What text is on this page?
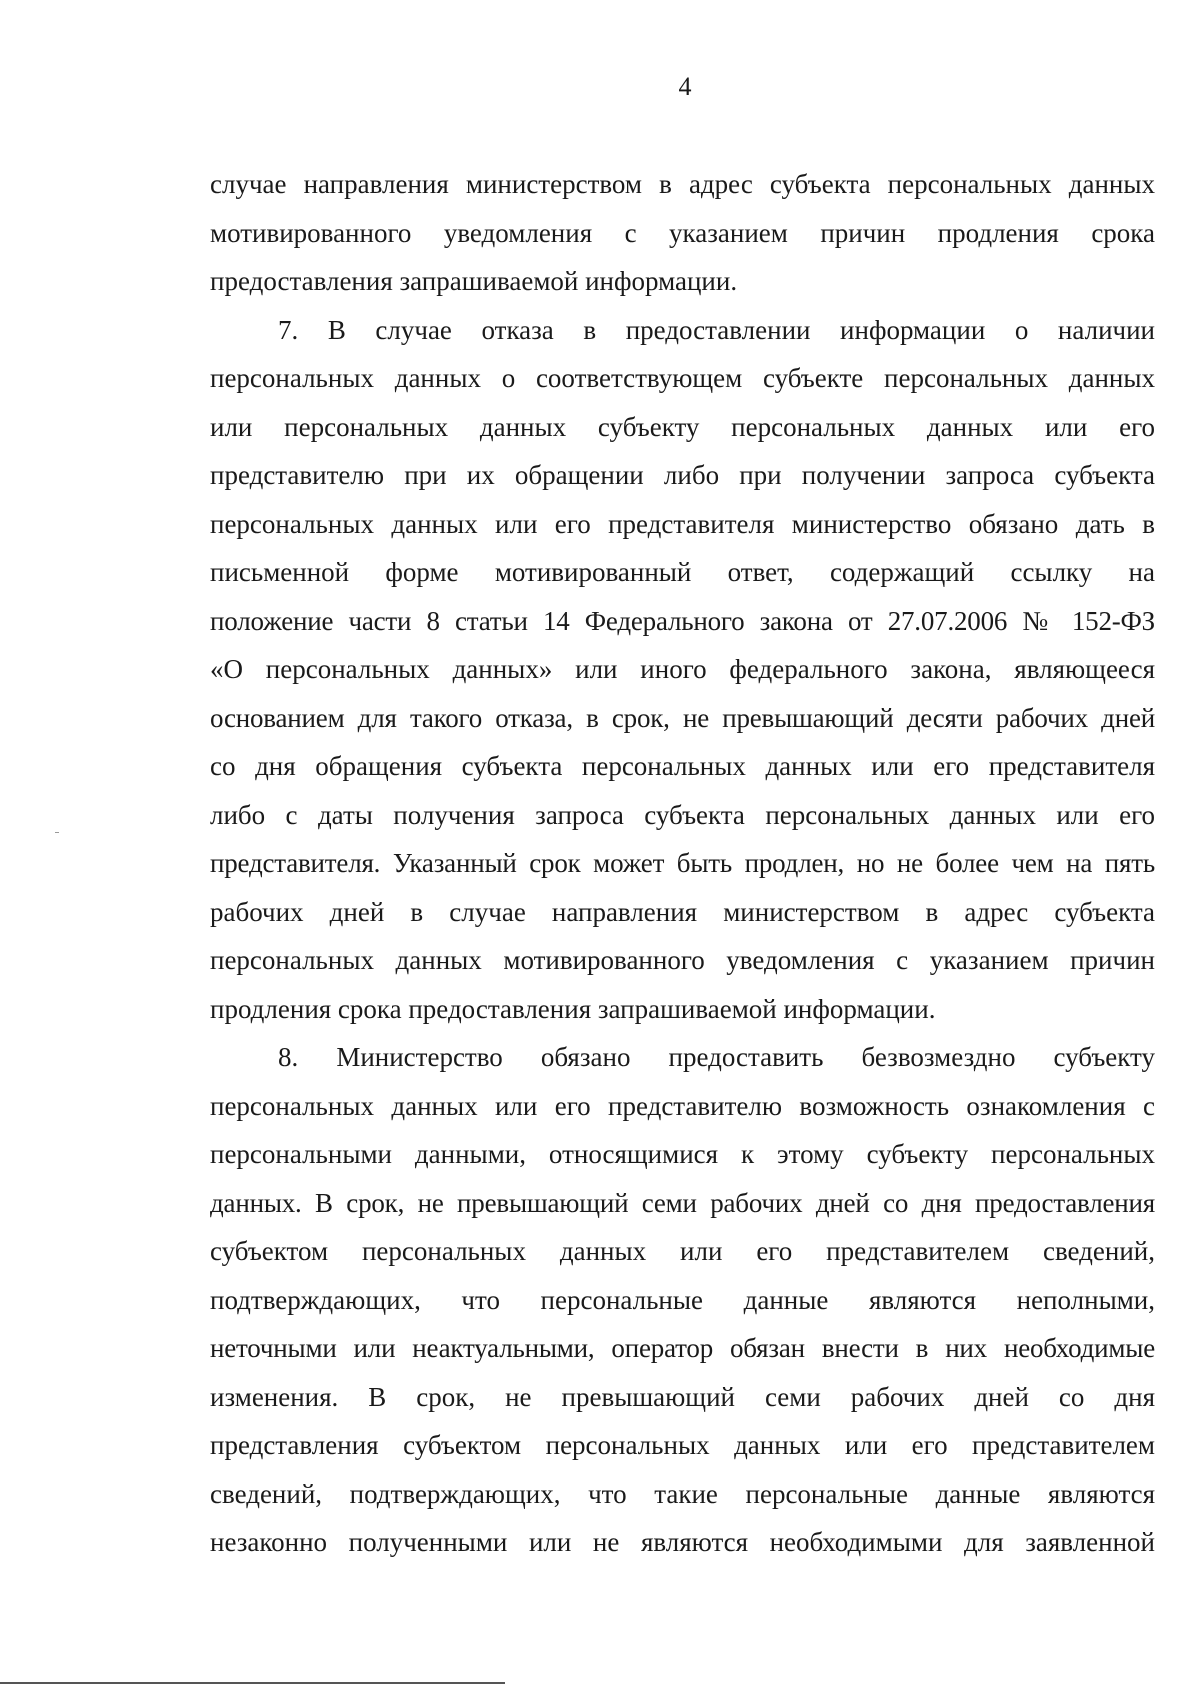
4

случае направления министерством в адрес субъекта персональных данных
мотивированного уведомления с указанием причин продления срока
предоставления запрашиваемой информации.

7. В случае отказа в предоставлении информации о наличии
персональных данных о соответствующем субъекте персональных данных
или персональных данных субъекту персональных данных или его
представителю при их обращении либо при получении запроса субъекта
персональных данных или его представителя министерство обязано дать в
письменной форме мотивированный ответ, содержащий ссылку на
положение части 8 статьи 14 Федерального закона от 27.07.2006 № 152-ФЗ
«О персональных данных» или иного федерального закона, являющееся
основанием для такого отказа, в срок, не превышающий десяти рабочих дней
со дня обращения субъекта персональных данных или его представителя
либо с даты получения запроса субъекта персональных данных или его
представителя. Указанный срок может быть продлен, но не более чем на пять
рабочих дней в случае направления министерством в адрес субъекта
персональных данных мотивированного уведомления с указанием причин
продления срока предоставления запрашиваемой информации.

8. Министерство обязано предоставить безвозмездно субъекту
персональных данных или его представителю возможность ознакомления с
персональными данными, относящимися к этому субъекту персональных
данных. В срок, не превышающий семи рабочих дней со дня предоставления
субъектом персональных данных или его представителем сведений,
подтверждающих, что персональные данные являются неполными,
неточными или неактуальными, оператор обязан внести в них необходимые
изменения. В срок, не превышающий семи рабочих дней со дня
представления субъектом персональных данных или его представителем
сведений, подтверждающих, что такие персональные данные являются
незаконно полученными или не являются необходимыми для заявленной
